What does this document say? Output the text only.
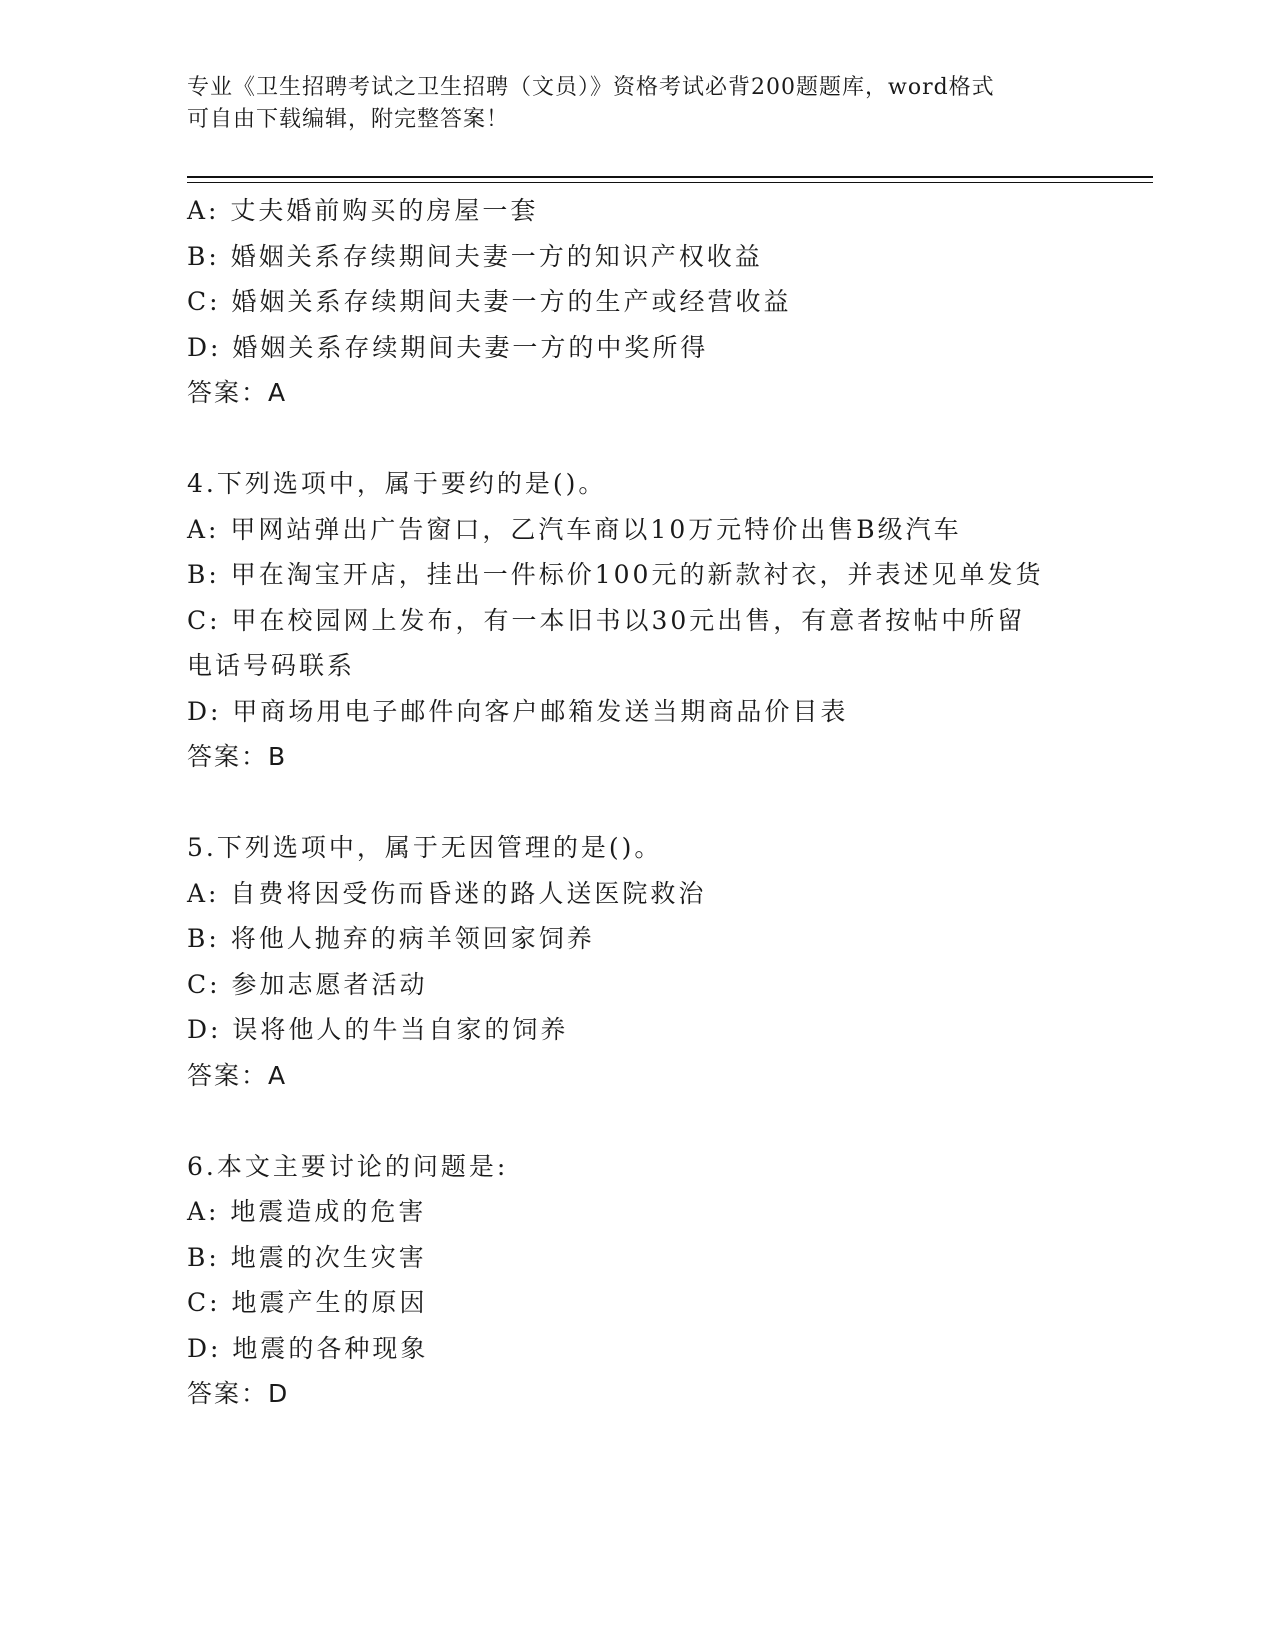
专业《卫生招聘考试之卫生招聘（文员）》资格考试必背200题题库，word格式
可自由下载编辑，附完整答案！
A: 丈夫婚前购买的房屋一套
B: 婚姻关系存续期间夫妻一方的知识产权收益
C: 婚姻关系存续期间夫妻一方的生产或经营收益
D: 婚姻关系存续期间夫妻一方的中奖所得
答案：A
4.下列选项中，属于要约的是()。
A: 甲网站弹出广告窗口，乙汽车商以10万元特价出售B级汽车
B: 甲在淘宝开店，挂出一件标价100元的新款衬衣，并表述见单发货
C: 甲在校园网上发布，有一本旧书以30元出售，有意者按帖中所留
电话号码联系
D: 甲商场用电子邮件向客户邮箱发送当期商品价目表
答案：B
5.下列选项中，属于无因管理的是()。
A: 自费将因受伤而昏迷的路人送医院救治
B: 将他人抛弃的病羊领回家饲养
C: 参加志愿者活动
D: 误将他人的牛当自家的饲养
答案：A
6.本文主要讨论的问题是:
A: 地震造成的危害
B: 地震的次生灾害
C: 地震产生的原因
D: 地震的各种现象
答案：D
